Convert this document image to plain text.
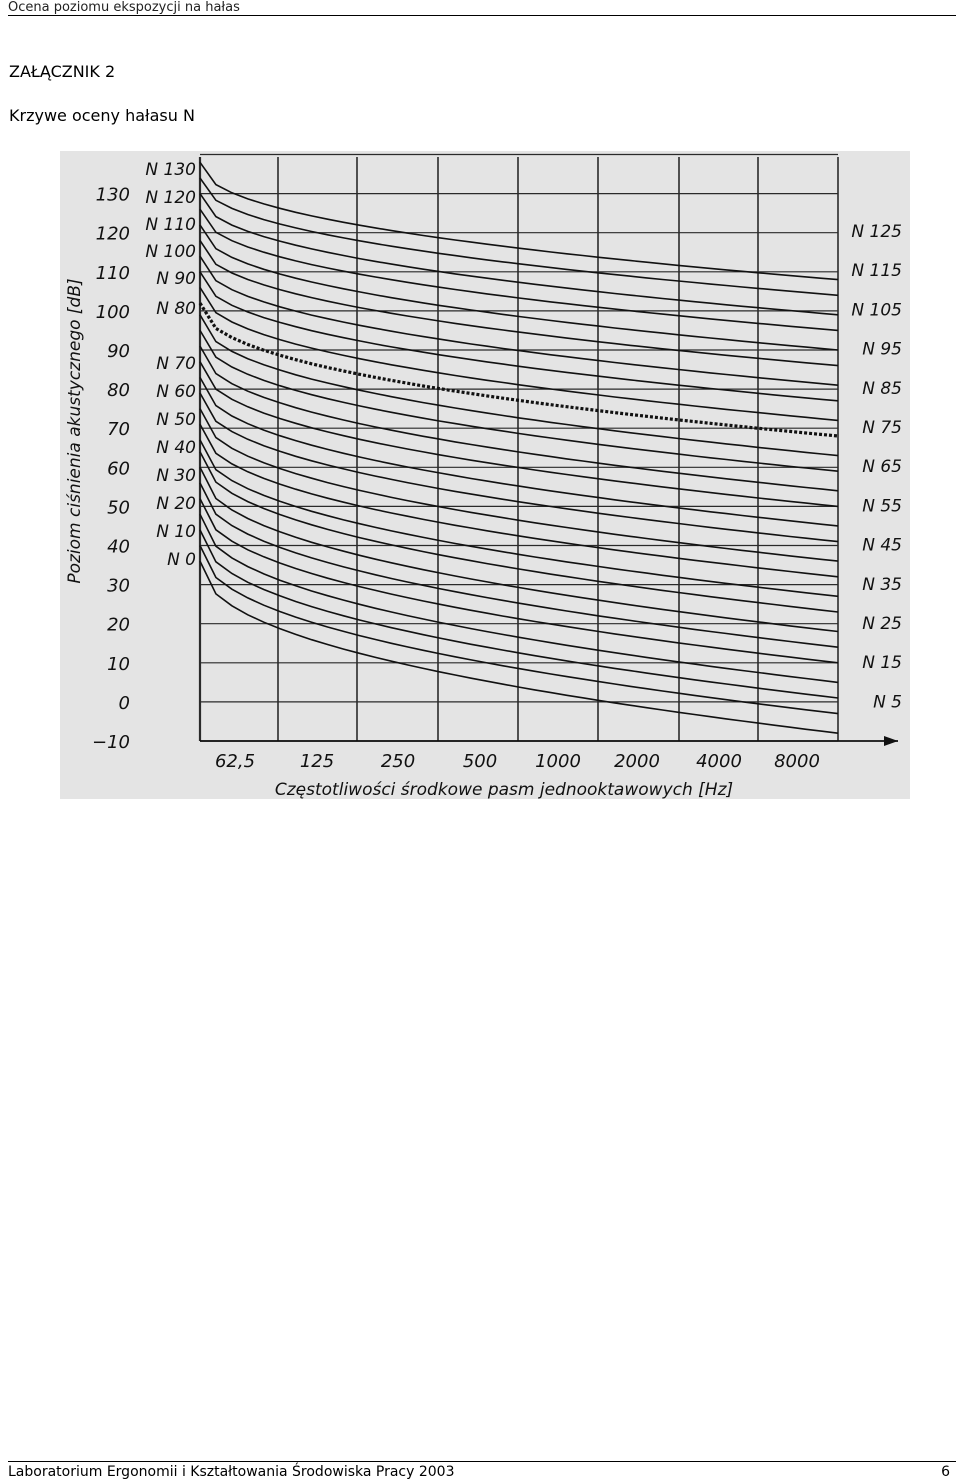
Ocena poziomu ekspozycji na hałas
ZAŁĄCZNIK 2
Krzywe oceny hałasu N
130
120
110
100
90
80
70
60
50
40
30
20
10
0
−10
N 130
N 120
N 110
N 100
N 90
N 80
N 70
N 60
N 50
N 40
N 30
N 20
N 10
N 0
N 125
N 115
N 105
N 95
N 85
N 75
N 65
N 55
N 45
N 35
N 25
N 15
N 5
62,5 125	250	500 1000 2000 4000 8000
Częstotliwości środkowe pasm jednooktawowych [Hz]
Poziom ciśnienia akustycznego [dB]
Laboratorium Ergonomii i Kształtowania Środowiska Pracy 2003	6
